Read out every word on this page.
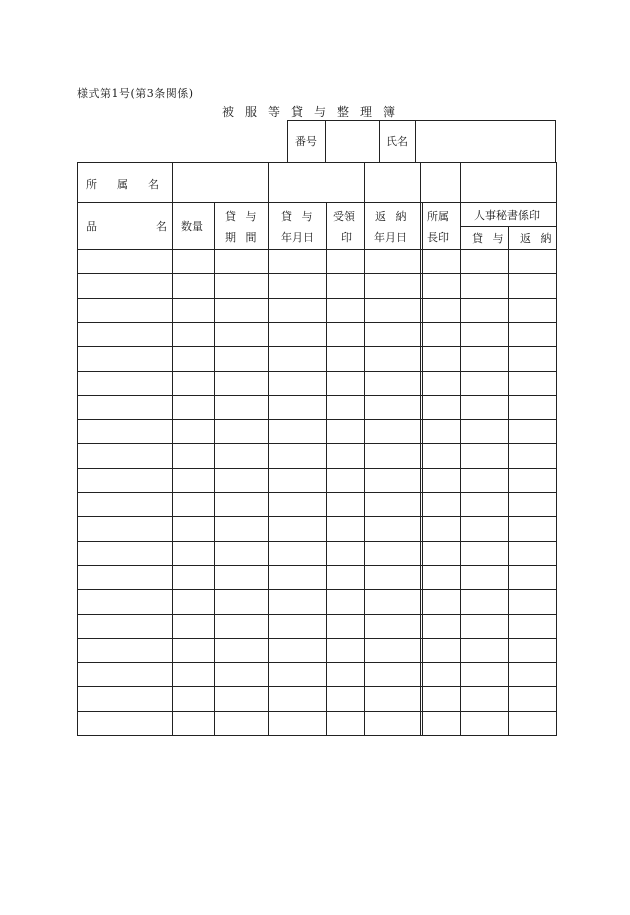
様式第1号(第3条関係)
被服等貸与整理簿
番号	氏名
所属名
品	名 数量
貸 与
期 間
貸 与
年月日
受領
印
返 納
年月日
所属
長印
人事秘書係印
貸 与 返 納
